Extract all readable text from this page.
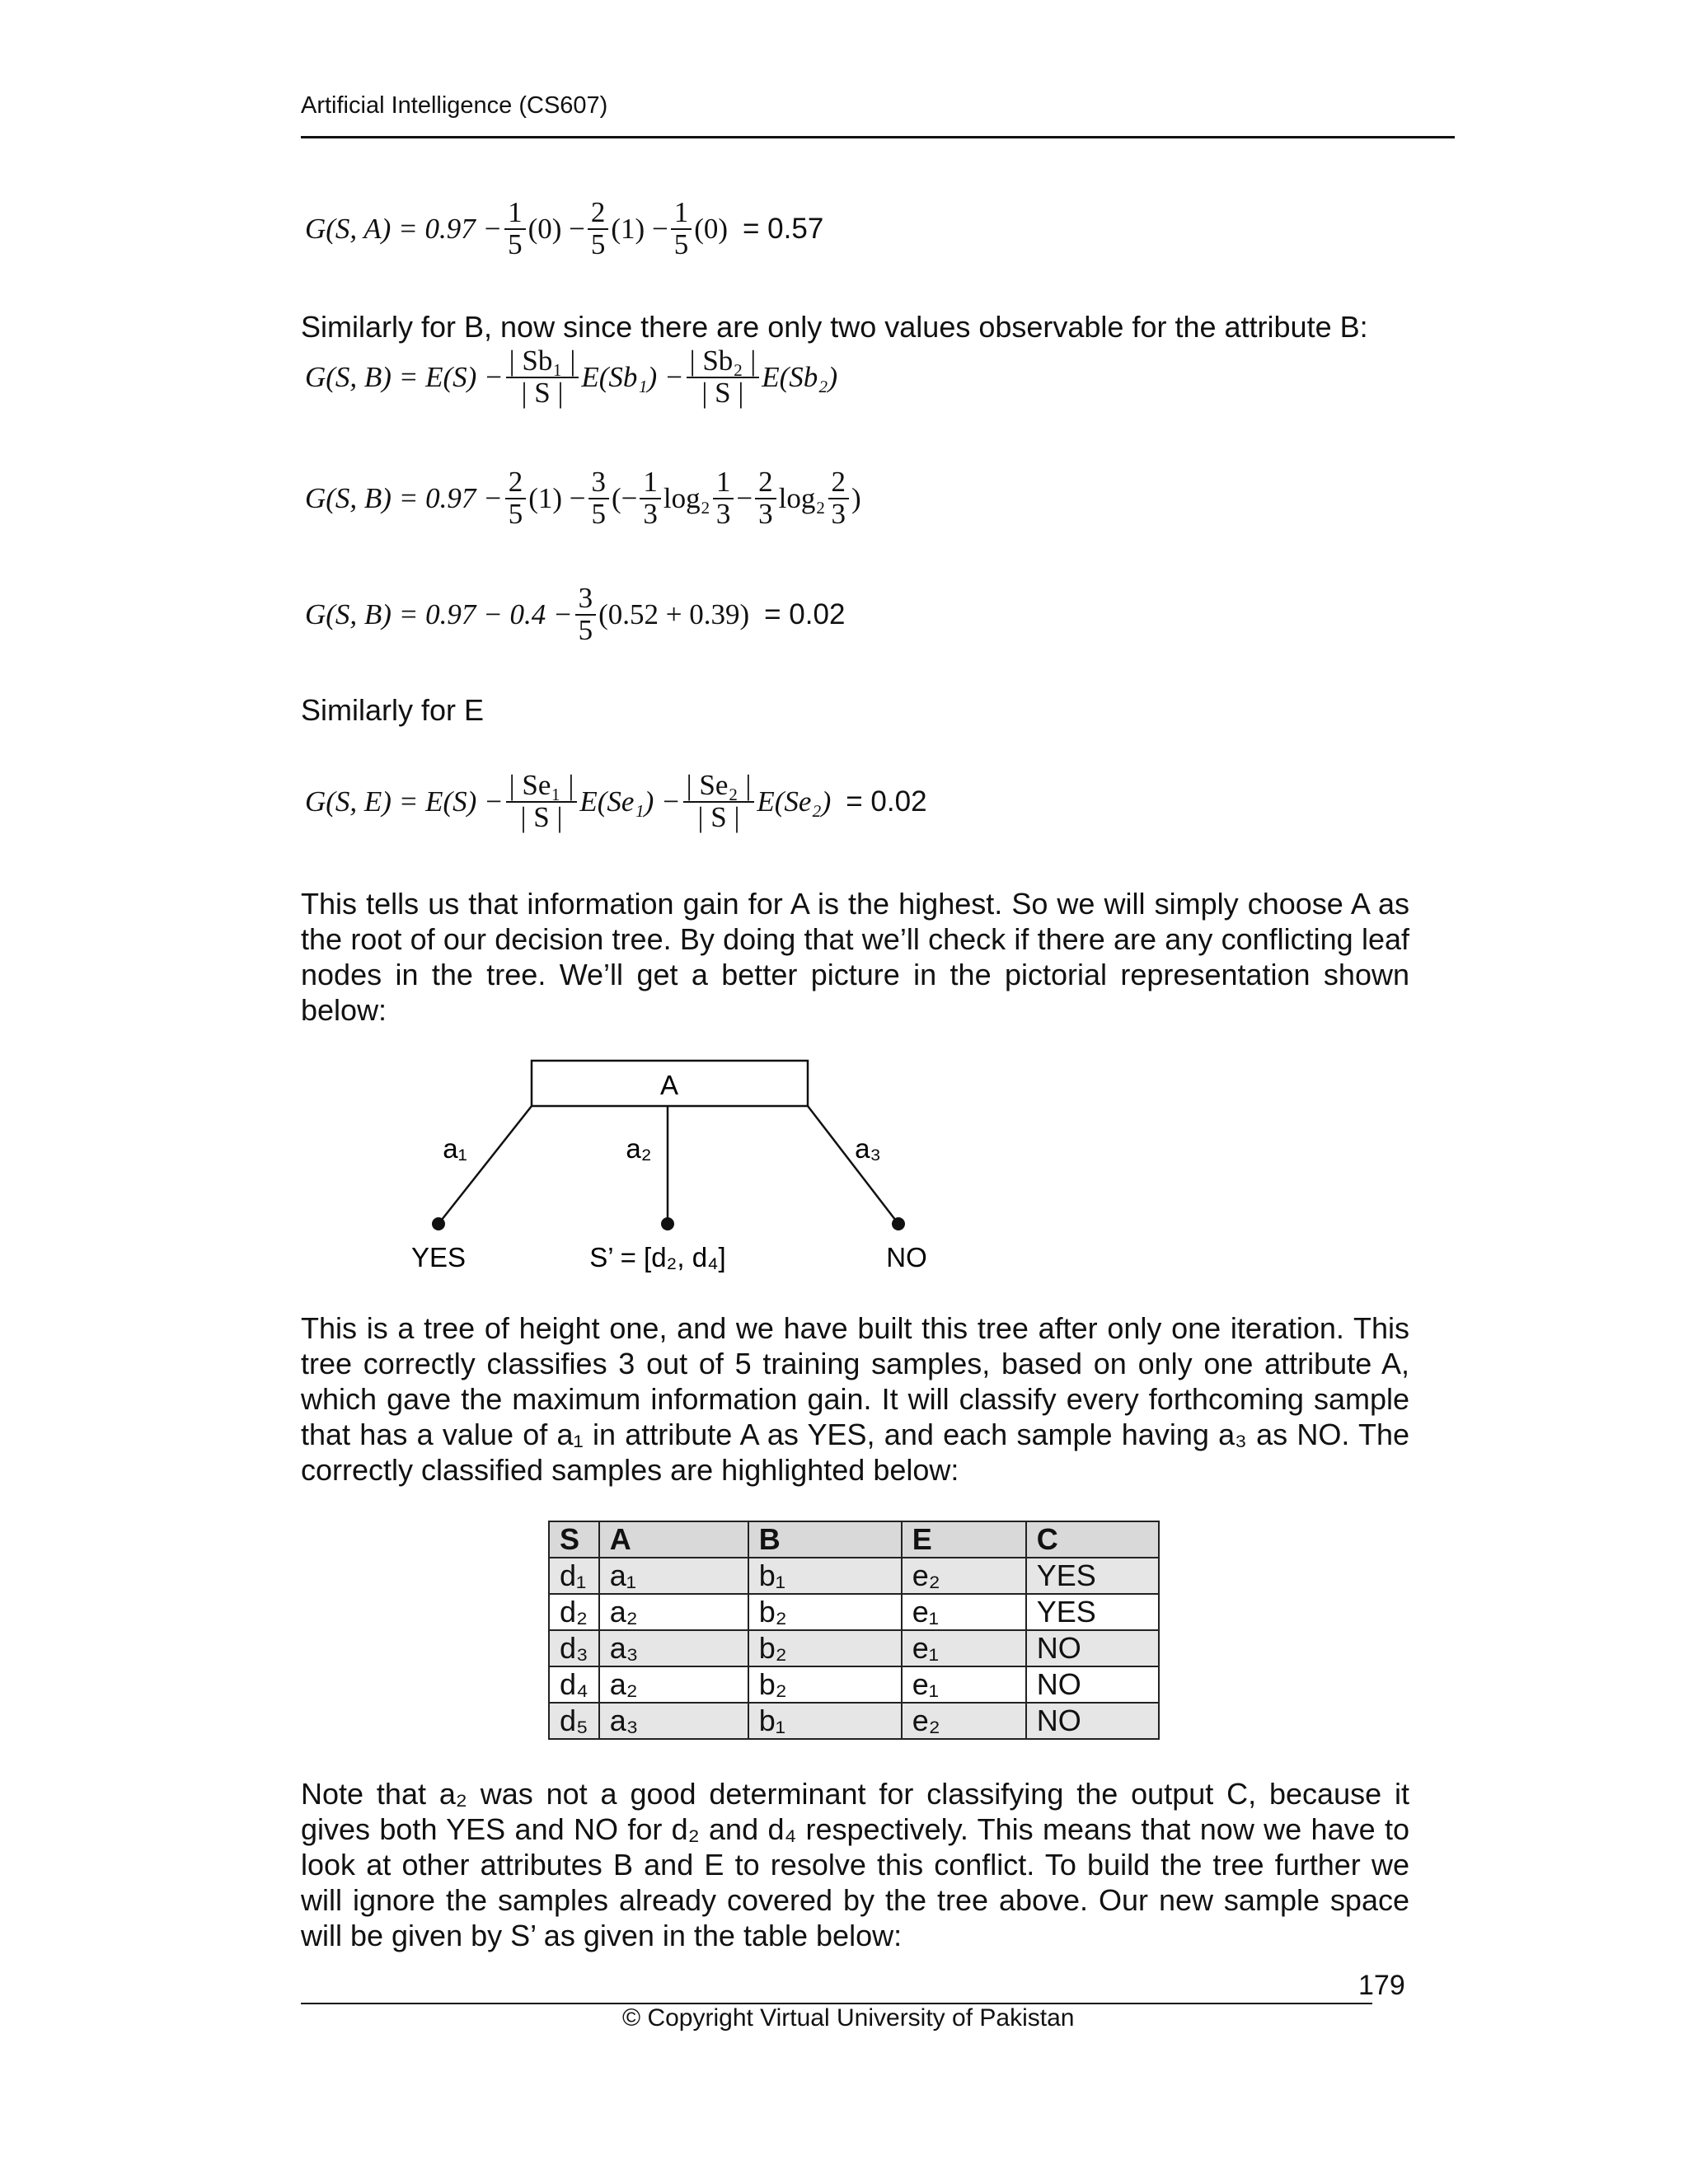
Artificial Intelligence (CS607)
G(S, $A) = 0.97 - \frac{1}{5} (0) - \frac{2}{5} (1) - \frac{1}{5} (0) = 0.57$
Similarly for B, now since there are only two values observable for the attribute B:
G(S, $B) = E(S) - \frac{\text{| Sb₁ |}}{| S |} E(Sb_1) - \frac{\text{| Sb₂ |}}{| S |} E(Sb_2)$
G(S, $B) = 0.97 - \frac{2}{5} (1) - \frac{3}{5}$ (− $\frac{1}{3} \log_2 \frac{1}{3} - \frac{2}{3} \log_2 \frac{2}{3}$ )
G(S, $B) = 0.97 - 0.4 - \frac{3}{5} (0.52 + 0.39) = 0.02$
Similarly for E
G(S, $E) = E(S) - \frac{\text{| Se₁ |}}{| S |} E(Se_1) - \frac{\text{| Se₂ |}}{| S |} E(Se_2) = 0.02$
This tells us that information gain for A is the highest. So we will simply choose A as the root of our decision tree. By doing that we’ll check if there are any conflicting leaf nodes in the tree. We’ll get a better picture in the pictorial representation shown below:
A
a₁	a₂	a₃
YES	S’ = [d₂, d₄]	NO
This is a tree of height one, and we have built this tree after only one iteration. This tree correctly classifies 3 out of 5 training samples, based on only one attribute A, which gave the maximum information gain. It will classify every forthcoming sample that has a value of a₁ in attribute A as YES, and each sample having a₃ as NO. The correctly classified samples are highlighted below:
S	A	B	E	C
d₁	a₁	b₁	e₂	YES
d₂	a₂	b₂	e₁	YES
d₃	a₃	b₂	e₁	NO
d₄	a₂	b₂	e₁	NO
d₅	a₃	b₁	e₂	NO
Note that a₂ was not a good determinant for classifying the output C, because it gives both YES and NO for d₂ and d₄ respectively. This means that now we have to look at other attributes B and E to resolve this conflict. To build the tree further we will ignore the samples already covered by the tree above. Our new sample space will be given by S’ as given in the table below:
179
© Copyright Virtual University of Pakistan
